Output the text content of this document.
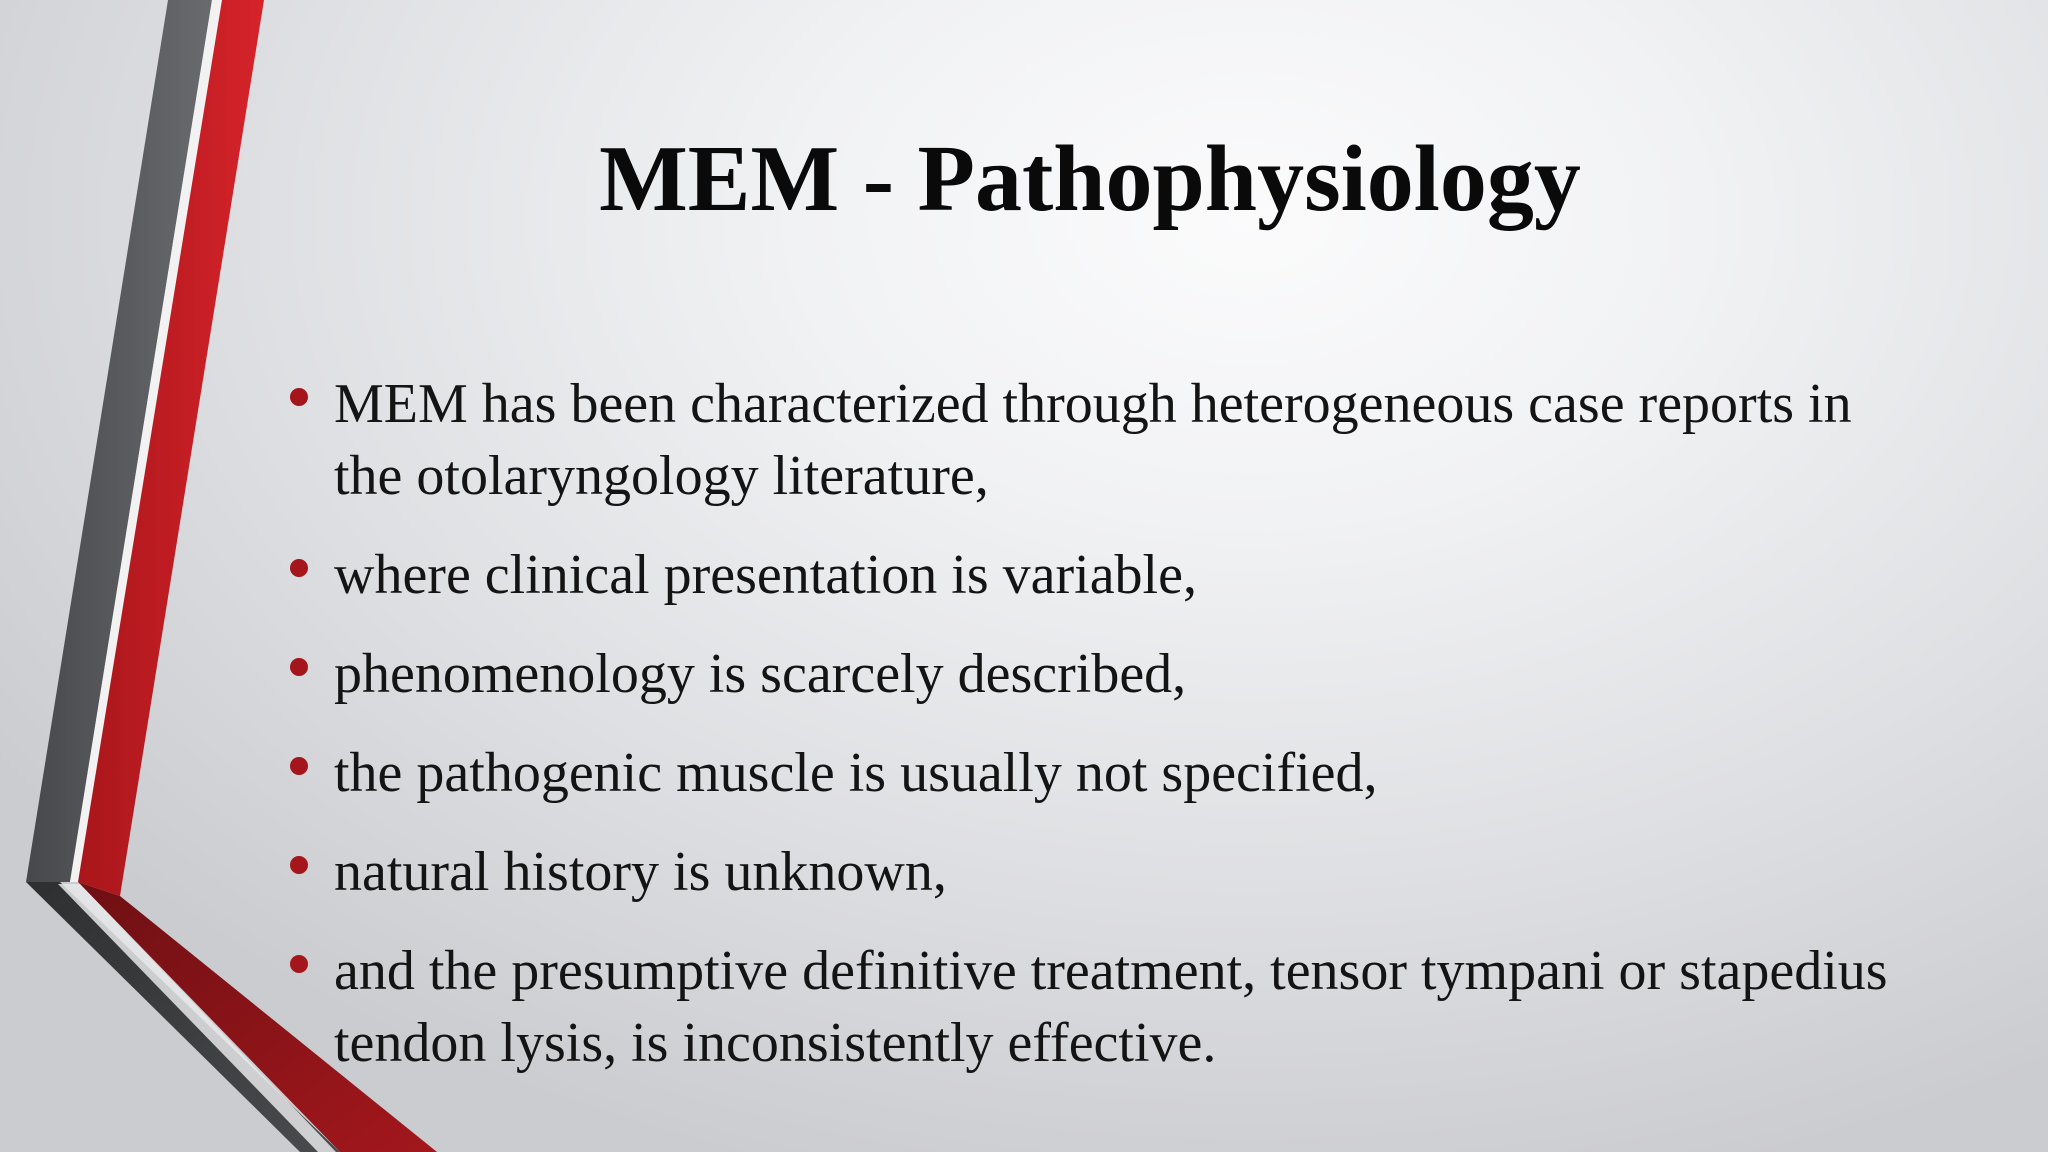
MEM - Pathophysiology
MEM has been characterized through heterogeneous case reports in the otolaryngology literature,
where clinical presentation is variable,
phenomenology is scarcely described,
the pathogenic muscle is usually not specified,
natural history is unknown,
and the presumptive definitive treatment, tensor tympani or stapedius tendon lysis, is inconsistently effective.
